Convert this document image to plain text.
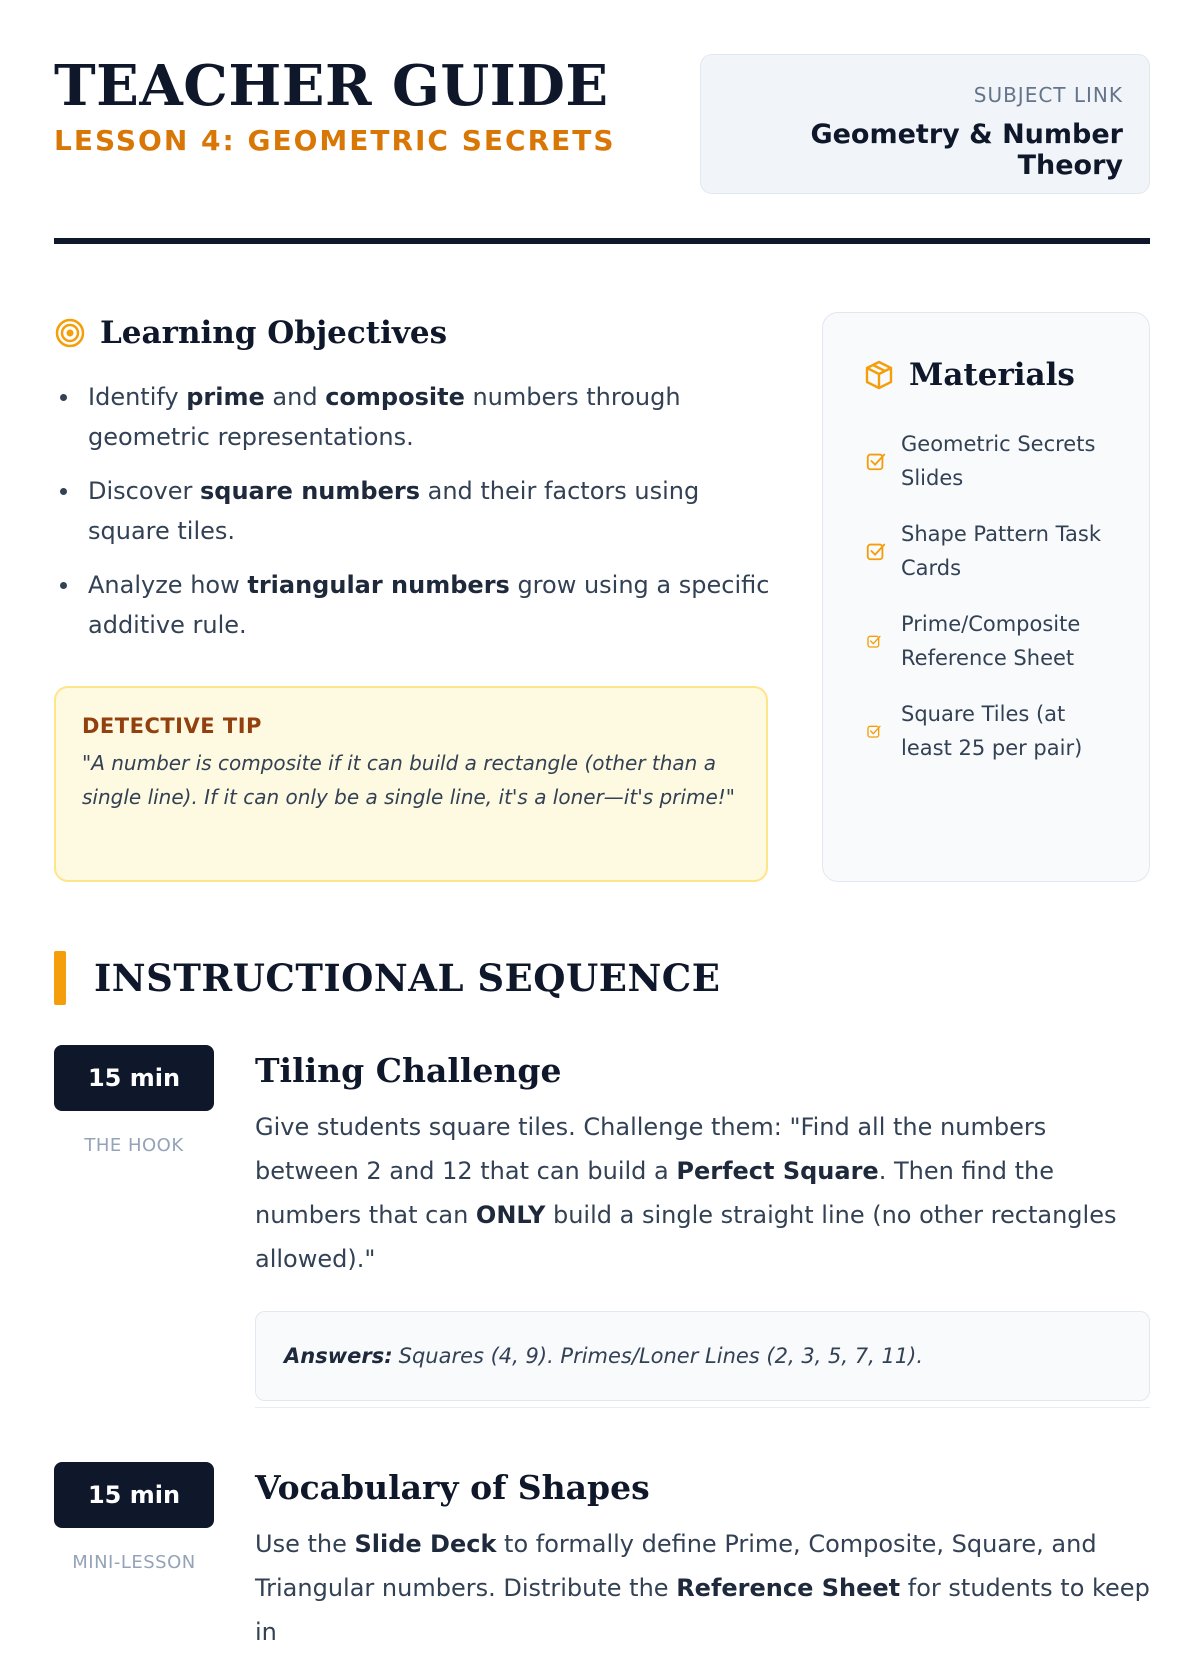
TEACHER GUIDE
LESSON 4: GEOMETRIC SECRETS
SUBJECT LINK
Geometry & Number Theory
Learning Objectives
Identify prime and composite numbers through geometric representations.
Discover square numbers and their factors using square tiles.
Analyze how triangular numbers grow using a specific additive rule.
DETECTIVE TIP
"A number is composite if it can build a rectangle (other than a single line). If it can only be a single line, it's a loner—it's prime!"
Materials
Geometric Secrets Slides
Shape Pattern Task Cards
Prime/Composite Reference Sheet
Square Tiles (at least 25 per pair)
INSTRUCTIONAL SEQUENCE
15 min
THE HOOK
Tiling Challenge
Give students square tiles. Challenge them: "Find all the numbers between 2 and 12 that can build a Perfect Square. Then find the numbers that can ONLY build a single straight line (no other rectangles allowed)."
Answers: Squares (4, 9). Primes/Loner Lines (2, 3, 5, 7, 11).
15 min
MINI-LESSON
Vocabulary of Shapes
Use the Slide Deck to formally define Prime, Composite, Square, and Triangular numbers. Distribute the Reference Sheet for students to keep in
